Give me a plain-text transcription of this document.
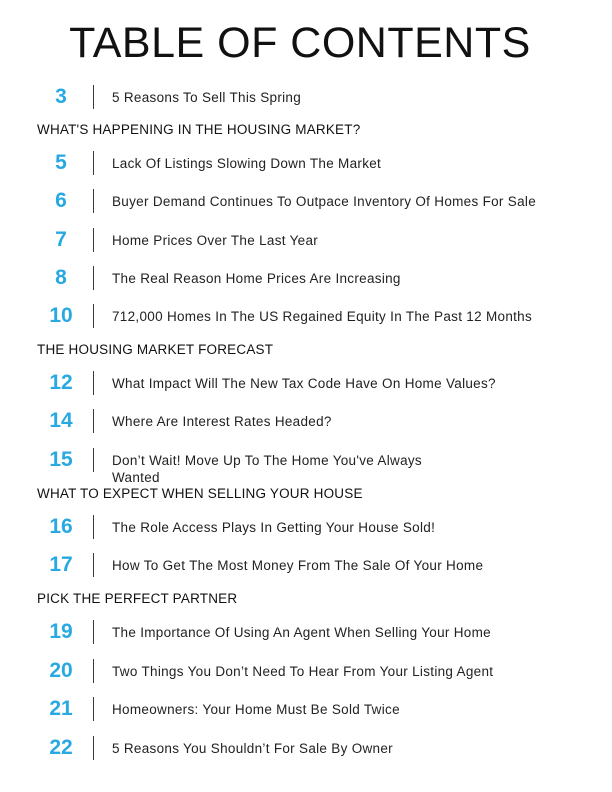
TABLE OF CONTENTS
3	5 Reasons To Sell This Spring
WHAT'S HAPPENING IN THE HOUSING MARKET?
5	Lack Of Listings Slowing Down The Market
6	Buyer Demand Continues To Outpace Inventory Of Homes For Sale
7	Home Prices Over The Last Year
8	The Real Reason Home Prices Are Increasing
10	712,000 Homes In The US Regained Equity In The Past 12 Months
THE HOUSING MARKET FORECAST
12	What Impact Will The New Tax Code Have On Home Values?
14	Where Are Interest Rates Headed?
15	Don’t Wait! Move Up To The Home You've Always Wanted
WHAT TO EXPECT WHEN SELLING YOUR HOUSE
16	The Role Access Plays In Getting Your House Sold!
17	How To Get The Most Money From The Sale Of Your Home
PICK THE PERFECT PARTNER
19	The Importance Of Using An Agent When Selling Your Home
20	Two Things You Don’t Need To Hear From Your Listing Agent
21	Homeowners: Your Home Must Be Sold Twice
22	5 Reasons You Shouldn’t For Sale By Owner
